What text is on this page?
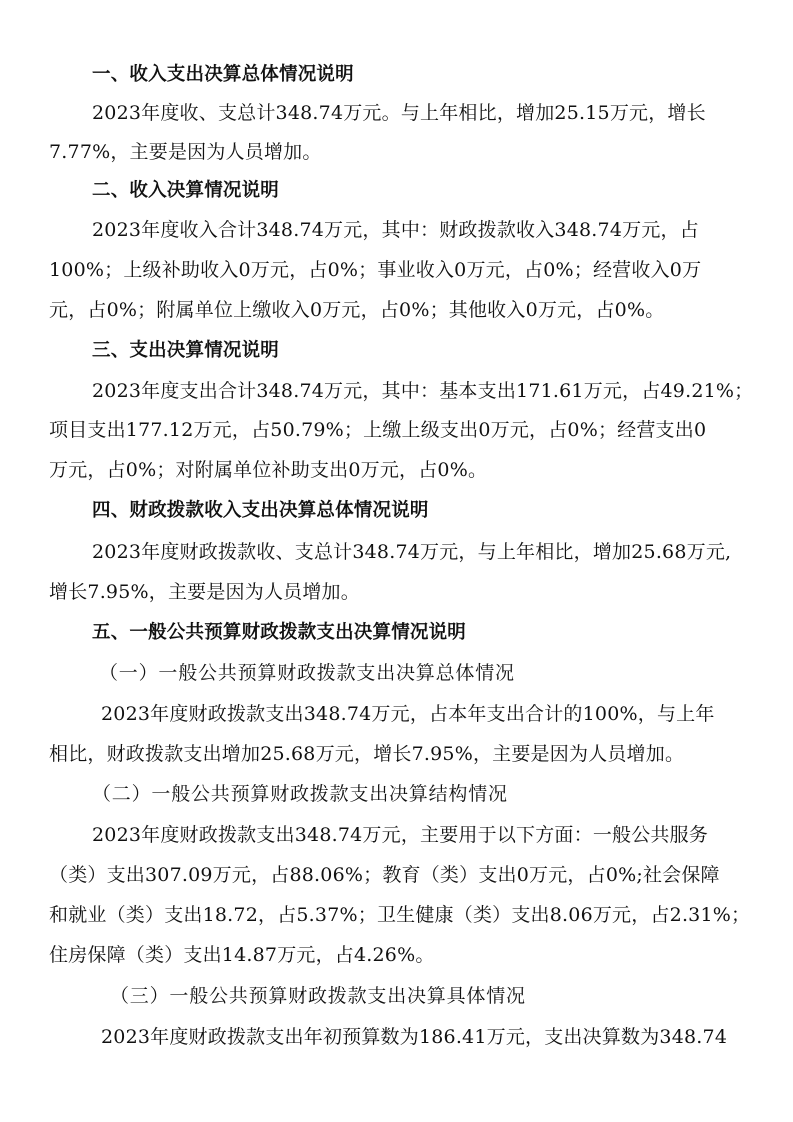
一、收入支出决算总体情况说明
2023年度收、支总计348.74万元。与上年相比，增加25.15万元，增长
7.77%，主要是因为人员增加。
二、收入决算情况说明
2023年度收入合计348.74万元，其中：财政拨款收入348.74万元，占
100%；上级补助收入0万元，占0%；事业收入0万元，占0%；经营收入0万
元，占0%；附属单位上缴收入0万元，占0%；其他收入0万元，占0%。
三、支出决算情况说明
2023年度支出合计348.74万元，其中：基本支出171.61万元，占49.21%；
项目支出177.12万元，占50.79%；上缴上级支出0万元，占0%；经营支出0
万元，占0%；对附属单位补助支出0万元，占0%。
四、财政拨款收入支出决算总体情况说明
2023年度财政拨款收、支总计348.74万元，与上年相比，增加25.68万元,
增长7.95%，主要是因为人员增加。
五、一般公共预算财政拨款支出决算情况说明
（一）一般公共预算财政拨款支出决算总体情况
2023年度财政拨款支出348.74万元，占本年支出合计的100%，与上年
相比，财政拨款支出增加25.68万元，增长7.95%，主要是因为人员增加。
（二）一般公共预算财政拨款支出决算结构情况
2023年度财政拨款支出348.74万元，主要用于以下方面：一般公共服务
（类）支出307.09万元，占88.06%；教育（类）支出0万元，占0%;社会保障
和就业（类）支出18.72，占5.37%；卫生健康（类）支出8.06万元，占2.31%；
住房保障（类）支出14.87万元，占4.26%。
（三）一般公共预算财政拨款支出决算具体情况
2023年度财政拨款支出年初预算数为186.41万元，支出决算数为348.74
